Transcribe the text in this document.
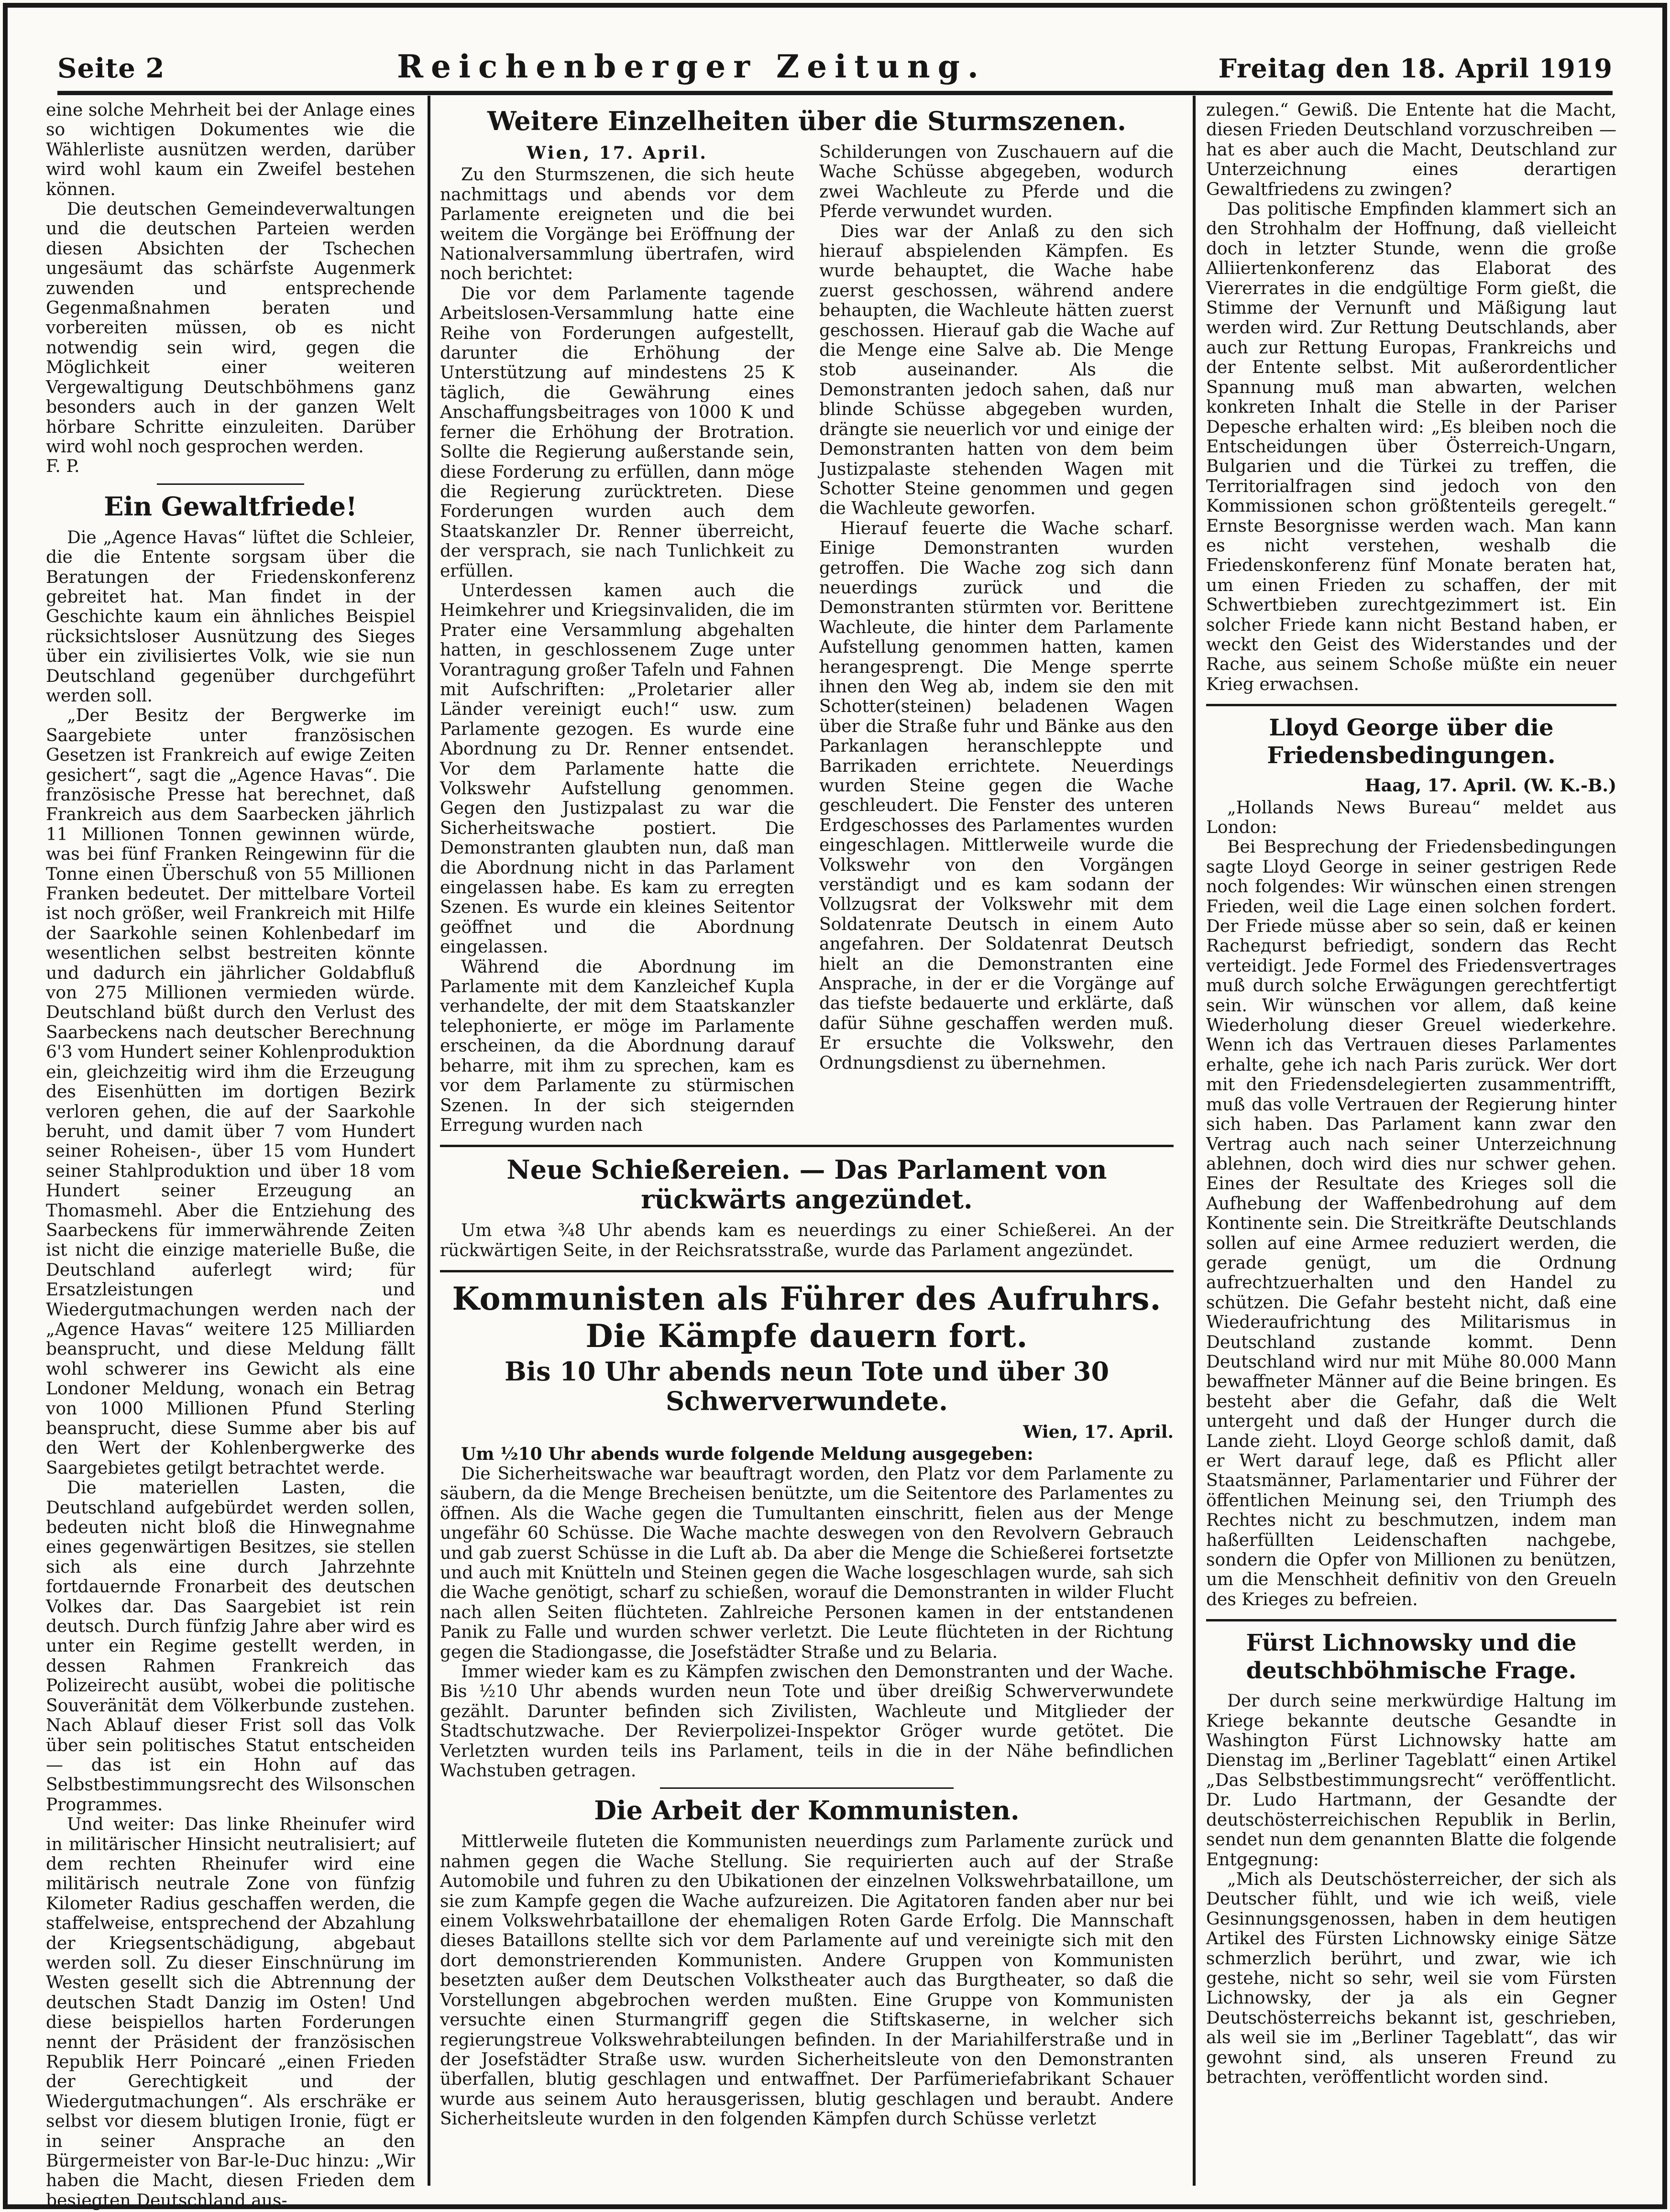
Seite 2	Reichenberger Zeitung.	Freitag den 18. April 1919

eine solche Mehrheit bei der Anlage eines so wichtigen Dokumentes wie die Wählerliste ausnützen werden, darüber wird wohl kaum ein Zweifel bestehen können.

Die deutschen Gemeindeverwaltungen und die deutschen Parteien werden diesen Absichten der Tschechen ungesäumt das schärfste Augenmerk zuwenden und entsprechende Gegenmaßnahmen beraten und vorbereiten müssen, ob es nicht notwendig sein wird, gegen die Möglichkeit einer weiteren Vergewaltigung Deutschböhmens ganz besonders auch in der ganzen Welt hörbare Schritte einzuleiten. Darüber wird wohl noch gesprochen werden.

F. P.

Ein Gewaltfriede!

Die „Agence Havas“ lüftet die Schleier, die die Entente sorgsam über die Beratungen der Friedenskonferenz gebreitet hat. Man findet in der Geschichte kaum ein ähnliches Beispiel rücksichtsloser Ausnützung des Sieges über ein zivilisiertes Volk, wie sie nun Deutschland gegenüber durchgeführt werden soll.

„Der Besitz der Bergwerke im Saargebiete unter französischen Gesetzen ist Frankreich auf ewige Zeiten gesichert“, sagt die „Agence Havas“. Die französische Presse hat berechnet, daß Frankreich aus dem Saarbecken jährlich 11 Millionen Tonnen gewinnen würde, was bei fünf Franken Reingewinn für die Tonne einen Überschuß von 55 Millionen Franken bedeutet. Der mittelbare Vorteil ist noch größer, weil Frankreich mit Hilfe der Saarkohle seinen Kohlenbedarf im wesentlichen selbst bestreiten könnte und dadurch ein jährlicher Goldabfluß von 275 Millionen vermieden würde. Deutschland büßt durch den Verlust des Saarbeckens nach deutscher Berechnung 6'3 vom Hundert seiner Kohlenproduktion ein, gleichzeitig wird ihm die Erzeugung des Eisenhütten im dortigen Bezirk verloren gehen, die auf der Saarkohle beruht, und damit über 7 vom Hundert seiner Roheisen-, über 15 vom Hundert seiner Stahlproduktion und über 18 vom Hundert seiner Erzeugung an Thomasmehl. Aber die Entziehung des Saarbeckens für immerwährende Zeiten ist nicht die einzige materielle Buße, die Deutschland auferlegt wird; für Ersatzleistungen und Wiedergutmachungen werden nach der „Agence Havas“ weitere 125 Milliarden beansprucht, und diese Meldung fällt wohl schwerer ins Gewicht als eine Londoner Meldung, wonach ein Betrag von 1000 Millionen Pfund Sterling beansprucht, diese Summe aber bis auf den Wert der Kohlenbergwerke des Saargebietes getilgt betrachtet werde.

Die materiellen Lasten, die Deutschland aufgebürdet werden sollen, bedeuten nicht bloß die Hinwegnahme eines gegenwärtigen Besitzes, sie stellen sich als eine durch Jahrzehnte fortdauernde Fronarbeit des deutschen Volkes dar. Das Saargebiet ist rein deutsch. Durch fünfzig Jahre aber wird es unter ein Regime gestellt werden, in dessen Rahmen Frankreich das Polizeirecht ausübt, wobei die politische Souveränität dem Völkerbunde zustehen. Nach Ablauf dieser Frist soll das Volk über sein politisches Statut entscheiden — das ist ein Hohn auf das Selbstbestimmungsrecht des Wilsonschen Programmes.

Und weiter: Das linke Rheinufer wird in militärischer Hinsicht neutralisiert; auf dem rechten Rheinufer wird eine militärisch neutrale Zone von fünfzig Kilometer Radius geschaffen werden, die staffelweise, entsprechend der Abzahlung der Kriegsentschädigung, abgebaut werden soll. Zu dieser Einschnürung im Westen gesellt sich die Abtrennung der deutschen Stadt Danzig im Osten! Und diese beispiellos harten Forderungen nennt der Präsident der französischen Republik Herr Poincaré „einen Frieden der Gerechtigkeit und der Wiedergutmachungen“. Als erschräke er selbst vor diesem blutigen Ironie, fügt er in seiner Ansprache an den Bürgermeister von Bar-le-Duc hinzu: „Wir haben die Macht, diesen Frieden dem besiegten Deutschland aus-

Weitere Einzelheiten über die Sturmszenen.

Wien, 17. April.

Zu den Sturmszenen, die sich heute nachmittags und abends vor dem Parlamente ereigneten und die bei weitem die Vorgänge bei Eröffnung der Nationalversammlung übertrafen, wird noch berichtet:

Die vor dem Parlamente tagende Arbeitslosen-Versammlung hatte eine Reihe von Forderungen aufgestellt, darunter die Erhöhung der Unterstützung auf mindestens 25 K täglich, die Gewährung eines Anschaffungsbeitrages von 1000 K und ferner die Erhöhung der Brotration. Sollte die Regierung außerstande sein, diese Forderung zu erfüllen, dann möge die Regierung zurücktreten. Diese Forderungen wurden auch dem Staatskanzler Dr. Renner überreicht, der versprach, sie nach Tunlichkeit zu erfüllen.

Unterdessen kamen auch die Heimkehrer und Kriegsinvaliden, die im Prater eine Versammlung abgehalten hatten, in geschlossenem Zuge unter Vorantragung großer Tafeln und Fahnen mit Aufschriften: „Proletarier aller Länder vereinigt euch!“ usw. zum Parlamente gezogen. Es wurde eine Abordnung zu Dr. Renner entsendet. Vor dem Parlamente hatte die Volkswehr Aufstellung genommen. Gegen den Justizpalast zu war die Sicherheitswache postiert. Die Demonstranten glaubten nun, daß man die Abordnung nicht in das Parlament eingelassen habe. Es kam zu erregten Szenen. Es wurde ein kleines Seitentor geöffnet und die Abordnung eingelassen.

Während die Abordnung im Parlamente mit dem Kanzleichef Kupla verhandelte, der mit dem Staatskanzler telephonierte, er möge im Parlamente erscheinen, da die Abordnung darauf beharre, mit ihm zu sprechen, kam es vor dem Parlamente zu stürmischen Szenen. In der sich steigernden Erregung wurden nach

Schilderungen von Zuschauern auf die Wache Schüsse abgegeben, wodurch zwei Wachleute zu Pferde und die Pferde verwundet wurden.

Dies war der Anlaß zu den sich hierauf abspielenden Kämpfen. Es wurde behauptet, die Wache habe zuerst geschossen, während andere behaupten, die Wachleute hätten zuerst geschossen. Hierauf gab die Wache auf die Menge eine Salve ab. Die Menge stob auseinander. Als die Demonstranten jedoch sahen, daß nur blinde Schüsse abgegeben wurden, drängte sie neuerlich vor und einige der Demonstranten hatten von dem beim Justizpalaste stehenden Wagen mit Schotter Steine genommen und gegen die Wachleute geworfen.

Hierauf feuerte die Wache scharf. Einige Demonstranten wurden getroffen. Die Wache zog sich dann neuerdings zurück und die Demonstranten stürmten vor. Berittene Wachleute, die hinter dem Parlamente Aufstellung genommen hatten, kamen herangesprengt. Die Menge sperrte ihnen den Weg ab, indem sie den mit Schotter(steinen) beladenen Wagen über die Straße fuhr und Bänke aus den Parkanlagen heranschleppte und Barrikaden errichtete. Neuerdings wurden Steine gegen die Wache geschleudert. Die Fenster des unteren Erdgeschosses des Parlamentes wurden eingeschlagen. Mittlerweile wurde die Volkswehr von den Vorgängen verständigt und es kam sodann der Vollzugsrat der Volkswehr mit dem Soldatenrate Deutsch in einem Auto angefahren. Der Soldatenrat Deutsch hielt an die Demonstranten eine Ansprache, in der er die Vorgänge auf das tiefste bedauerte und erklärte, daß dafür Sühne geschaffen werden muß. Er ersuchte die Volkswehr, den Ordnungsdienst zu übernehmen.

Neue Schießereien. — Das Parlament von rückwärts angezündet.

Um etwa ¾8 Uhr abends kam es neuerdings zu einer Schießerei. An der rückwärtigen Seite, in der Reichsratsstraße, wurde das Parlament angezündet.

Kommunisten als Führer des Aufruhrs. Die Kämpfe dauern fort.
Bis 10 Uhr abends neun Tote und über 30 Schwerverwundete.

Wien, 17. April.

Um ½10 Uhr abends wurde folgende Meldung ausgegeben:

Die Sicherheitswache war beauftragt worden, den Platz vor dem Parlamente zu säubern, da die Menge Brecheisen benützte, um die Seitentore des Parlamentes zu öffnen. Als die Wache gegen die Tumultanten einschritt, fielen aus der Menge ungefähr 60 Schüsse. Die Wache machte deswegen von den Revolvern Gebrauch und gab zuerst Schüsse in die Luft ab. Da aber die Menge die Schießerei fortsetzte und auch mit Knütteln und Steinen gegen die Wache losgeschlagen wurde, sah sich die Wache genötigt, scharf zu schießen, worauf die Demonstranten in wilder Flucht nach allen Seiten flüchteten. Zahlreiche Personen kamen in der entstandenen Panik zu Falle und wurden schwer verletzt. Die Leute flüchteten in der Richtung gegen die Stadiongasse, die Josefstädter Straße und zu Belaria.

Immer wieder kam es zu Kämpfen zwischen den Demonstranten und der Wache. Bis ½10 Uhr abends wurden neun Tote und über dreißig Schwerverwundete gezählt. Darunter befinden sich Zivilisten, Wachleute und Mitglieder der Stadtschutzwache. Der Revierpolizei-Inspektor Gröger wurde getötet. Die Verletzten wurden teils ins Parlament, teils in die in der Nähe befindlichen Wachstuben getragen.

Die Arbeit der Kommunisten.

Mittlerweile fluteten die Kommunisten neuerdings zum Parlamente zurück und nahmen gegen die Wache Stellung. Sie requirierten auch auf der Straße Automobile und fuhren zu den Ubikationen der einzelnen Volkswehrbataillone, um sie zum Kampfe gegen die Wache aufzureizen. Die Agitatoren fanden aber nur bei einem Volkswehrbataillone der ehemaligen Roten Garde Erfolg. Die Mannschaft dieses Bataillons stellte sich vor dem Parlamente auf und vereinigte sich mit den dort demonstrierenden Kommunisten. Andere Gruppen von Kommunisten besetzten außer dem Deutschen Volkstheater auch das Burgtheater, so daß die Vorstellungen abgebrochen werden mußten. Eine Gruppe von Kommunisten versuchte einen Sturmangriff gegen die Stiftskaserne, in welcher sich regierungstreue Volkswehrabteilungen befinden. In der Mariahilferstraße und in der Josefstädter Straße usw. wurden Sicherheitsleute von den Demonstranten überfallen, blutig geschlagen und entwaffnet. Der Parfümeriefabrikant Schauer wurde aus seinem Auto herausgerissen, blutig geschlagen und beraubt. Andere Sicherheitsleute wurden in den folgenden Kämpfen durch Schüsse verletzt

zulegen.“ Gewiß. Die Entente hat die Macht, diesen Frieden Deutschland vorzuschreiben — hat es aber auch die Macht, Deutschland zur Unterzeichnung eines derartigen Gewaltfriedens zu zwingen?

Das politische Empfinden klammert sich an den Strohhalm der Hoffnung, daß vielleicht doch in letzter Stunde, wenn die große Alliiertenkonferenz das Elaborat des Viererrates in die endgültige Form gießt, die Stimme der Vernunft und Mäßigung laut werden wird. Zur Rettung Deutschlands, aber auch zur Rettung Europas, Frankreichs und der Entente selbst. Mit außerordentlicher Spannung muß man abwarten, welchen konkreten Inhalt die Stelle in der Pariser Depesche erhalten wird: „Es bleiben noch die Entscheidungen über Österreich-Ungarn, Bulgarien und die Türkei zu treffen, die Territorialfragen sind jedoch von den Kommissionen schon größtenteils geregelt.“ Ernste Besorgnisse werden wach. Man kann es nicht verstehen, weshalb die Friedenskonferenz fünf Monate beraten hat, um einen Frieden zu schaffen, der mit Schwertbieben zurechtgezimmert ist. Ein solcher Friede kann nicht Bestand haben, er weckt den Geist des Widerstandes und der Rache, aus seinem Schoße müßte ein neuer Krieg erwachsen.

Lloyd George über die Friedensbedingungen.

Haag, 17. April. (W. K.-B.)

„Hollands News Bureau“ meldet aus London:

Bei Besprechung der Friedensbedingungen sagte Lloyd George in seiner gestrigen Rede noch folgendes: Wir wünschen einen strengen Frieden, weil die Lage einen solchen fordert. Der Friede müsse aber so sein, daß er keinen Racheдurst befriedigt, sondern das Recht verteidigt. Jede Formel des Friedensvertrages muß durch solche Erwägungen gerechtfertigt sein. Wir wünschen vor allem, daß keine Wiederholung dieser Greuel wiederkehre. Wenn ich das Vertrauen dieses Parlamentes erhalte, gehe ich nach Paris zurück. Wer dort mit den Friedensdelegierten zusammentrifft, muß das volle Vertrauen der Regierung hinter sich haben. Das Parlament kann zwar den Vertrag auch nach seiner Unterzeichnung ablehnen, doch wird dies nur schwer gehen. Eines der Resultate des Krieges soll die Aufhebung der Waffenbedrohung auf dem Kontinente sein. Die Streitkräfte Deutschlands sollen auf eine Armee reduziert werden, die gerade genügt, um die Ordnung aufrechtzuerhalten und den Handel zu schützen. Die Gefahr besteht nicht, daß eine Wiederaufrichtung des Militarismus in Deutschland zustande kommt. Denn Deutschland wird nur mit Mühe 80.000 Mann bewaffneter Männer auf die Beine bringen. Es besteht aber die Gefahr, daß die Welt untergeht und daß der Hunger durch die Lande zieht. Lloyd George schloß damit, daß er Wert darauf lege, daß es Pflicht aller Staatsmänner, Parlamentarier und Führer der öffentlichen Meinung sei, den Triumph des Rechtes nicht zu beschmutzen, indem man haßerfüllten Leidenschaften nachgebe, sondern die Opfer von Millionen zu benützen, um die Menschheit definitiv von den Greueln des Krieges zu befreien.

Fürst Lichnowsky und die deutschböhmische Frage.

Der durch seine merkwürdige Haltung im Kriege bekannte deutsche Gesandte in Washington Fürst Lichnowsky hatte am Dienstag im „Berliner Tageblatt“ einen Artikel „Das Selbstbestimmungsrecht“ veröffentlicht. Dr. Ludo Hartmann, der Gesandte der deutschösterreichischen Republik in Berlin, sendet nun dem genannten Blatte die folgende Entgegnung:

„Mich als Deutschösterreicher, der sich als Deutscher fühlt, und wie ich weiß, viele Gesinnungsgenossen, haben in dem heutigen Artikel des Fürsten Lichnowsky einige Sätze schmerzlich berührt, und zwar, wie ich gestehe, nicht so sehr, weil sie vom Fürsten Lichnowsky, der ja als ein Gegner Deutschösterreichs bekannt ist, geschrieben, als weil sie im „Berliner Tageblatt“, das wir gewohnt sind, als unseren Freund zu betrachten, veröffentlicht worden sind.
